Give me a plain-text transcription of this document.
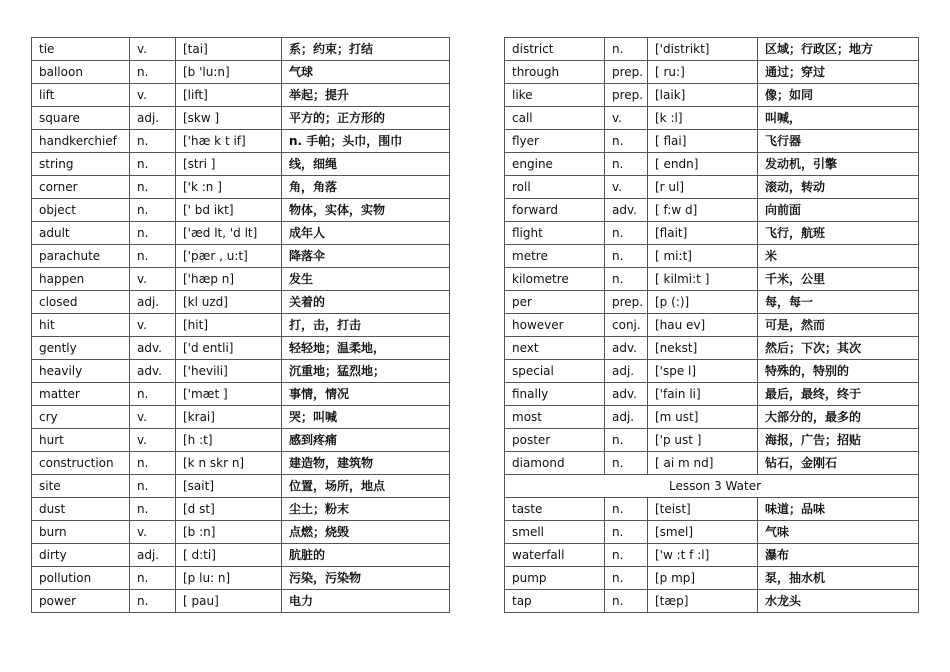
tie	v.	[tai]	系；约束；打结
balloon	n.	[b 'lu:n]	气球
lift	v.	[lift]	举起；提升
square	adj.	[skw ]	平方的；正方形的
handkerchief	n.	['hæ k t if]	n. 手帕；头巾，围巾
string	n.	[stri ]	线，细绳
corner	n.	['k :n ]	角，角落
object	n.	[' bd ikt]	物体，实体，实物
adult	n.	['æd lt, 'd lt]	成年人
parachute	n.	['pær , u:t]	降落伞
happen	v.	['hæp n]	发生
closed	adj.	[kl uzd]	关着的
hit	v.	[hit]	打，击，打击
gently	adv.	['d entli]	轻轻地；温柔地，
heavily	adv.	['hevili]	沉重地；猛烈地；
matter	n.	['mæt ]	事情，情况
cry	v.	[krai]	哭；叫喊
hurt	v.	[h :t]	感到疼痛
construction	n.	[k n skr n]	建造物，建筑物
site	n.	[sait]	位置，场所，地点
dust	n.	[d st]	尘土；粉末
burn	v.	[b :n]	点燃；烧毁
dirty	adj.	[ d:ti]	肮脏的
pollution	n.	[p lu: n]	污染，污染物
power	n.	[ pau]	电力
district	n.	['distrikt]	区域；行政区；地方
through	prep.	[ ru:]	通过；穿过
like	prep.	[laik]	像；如同
call	v.	[k :l]	叫喊，
flyer	n.	[ flai]	飞行器
engine	n.	[ endn]	发动机，引擎
roll	v.	[r ul]	滚动，转动
forward	adv.	[ f:w d]	向前面
flight	n.	[flait]	飞行，航班
metre	n.	[ mi:t]	米
kilometre	n.	[ kilmi:t ]	千米，公里
per	prep.	[p (:)]	每，每一
however	conj.	[hau ev]	可是，然而
next	adv.	[nekst]	然后；下次；其次
special	adj.	['spe l]	特殊的，特别的
finally	adv.	['fain li]	最后，最终，终于
most	adj.	[m ust]	大部分的，最多的
poster	n.	['p ust ]	海报，广告；招贴
diamond	n.	[ ai m nd]	钻石，金刚石
Lesson 3 Water			
taste	n.	[teist]	味道；品味
smell	n.	[smel]	气味
waterfall	n.	['w :t f :l]	瀑布
pump	n.	[p mp]	泵，抽水机
tap	n.	[tæp]	水龙头
